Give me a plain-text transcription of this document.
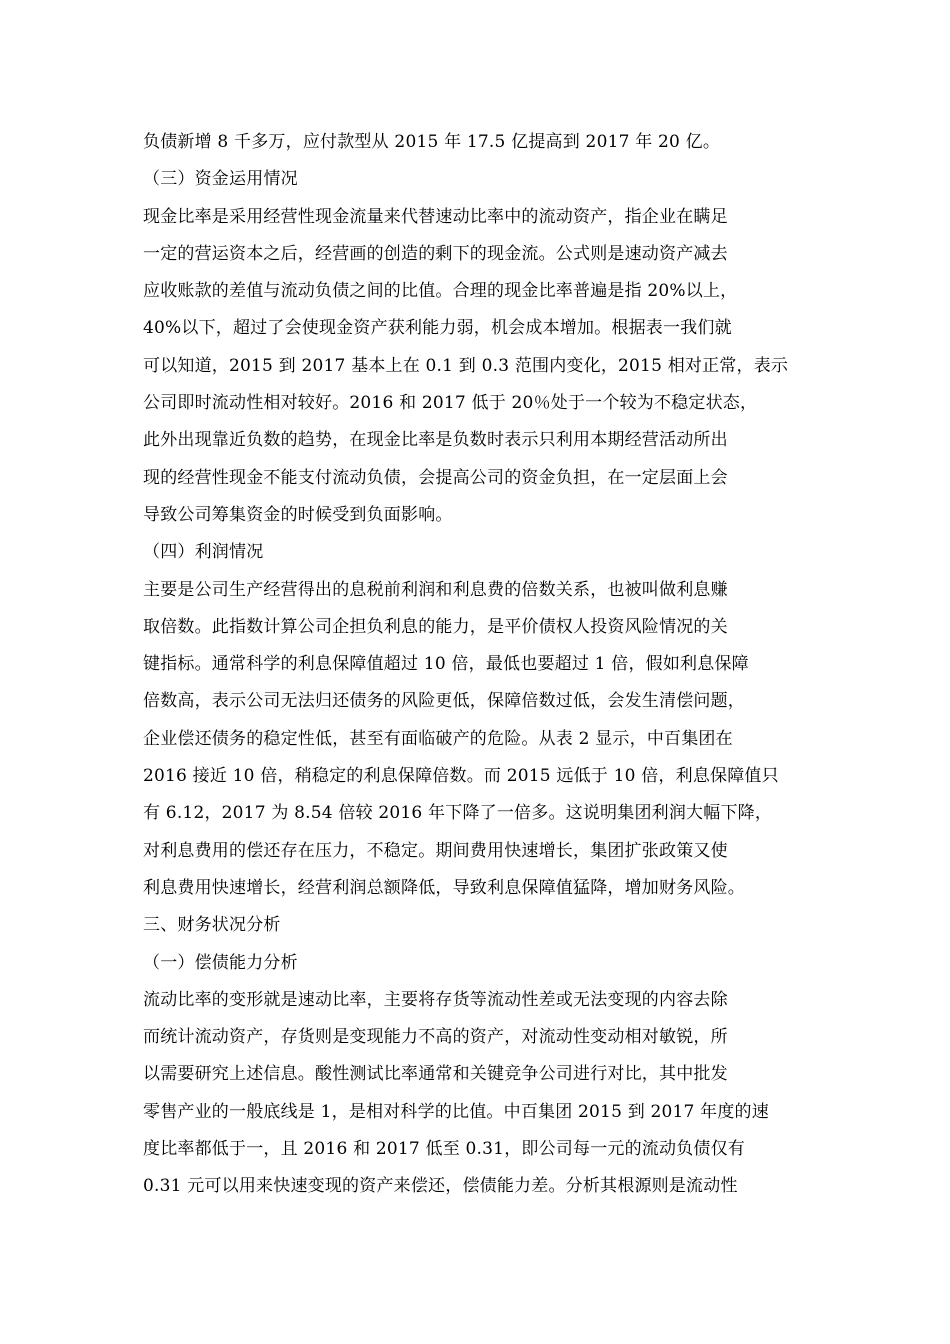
负债新增 8 千多万，应付款型从 2015 年 17.5 亿提高到 2017 年 20 亿。
（三）资金运用情况
现金比率是采用经营性现金流量来代替速动比率中的流动资产，指企业在瞒足
一定的营运资本之后，经营画的创造的剩下的现金流。公式则是速动资产减去
应收账款的差值与流动负债之间的比值。合理的现金比率普遍是指 20%以上，
40%以下，超过了会使现金资产获利能力弱，机会成本增加。根据表一我们就
可以知道，2015 到 2017 基本上在 0.1 到 0.3 范围内变化，2015 相对正常，表示
公司即时流动性相对较好。2016 和 2017 低于 20％处于一个较为不稳定状态，
此外出现靠近负数的趋势，在现金比率是负数时表示只利用本期经营活动所出
现的经营性现金不能支付流动负债，会提高公司的资金负担，在一定层面上会
导致公司筹集资金的时候受到负面影响。
（四）利润情况
主要是公司生产经营得出的息税前利润和利息费的倍数关系，也被叫做利息赚
取倍数。此指数计算公司企担负利息的能力，是平价债权人投资风险情况的关
键指标。通常科学的利息保障值超过 10 倍，最低也要超过 1 倍，假如利息保障
倍数高，表示公司无法归还债务的风险更低，保障倍数过低，会发生清偿问题，
企业偿还债务的稳定性低，甚至有面临破产的危险。从表 2 显示，中百集团在
2016 接近 10 倍，稍稳定的利息保障倍数。而 2015 远低于 10 倍，利息保障值只
有 6.12，2017 为 8.54 倍较 2016 年下降了一倍多。这说明集团利润大幅下降，
对利息费用的偿还存在压力，不稳定。期间费用快速增长，集团扩张政策又使
利息费用快速增长，经营利润总额降低，导致利息保障值猛降，增加财务风险。
三、财务状况分析
（一）偿债能力分析
流动比率的变形就是速动比率，主要将存货等流动性差或无法变现的内容去除
而统计流动资产，存货则是变现能力不高的资产，对流动性变动相对敏锐，所
以需要研究上述信息。酸性测试比率通常和关键竞争公司进行对比，其中批发
零售产业的一般底线是 1，是相对科学的比值。中百集团 2015 到 2017 年度的速
度比率都低于一，且 2016 和 2017 低至 0.31，即公司每一元的流动负债仅有
0.31 元可以用来快速变现的资产来偿还，偿债能力差。分析其根源则是流动性
